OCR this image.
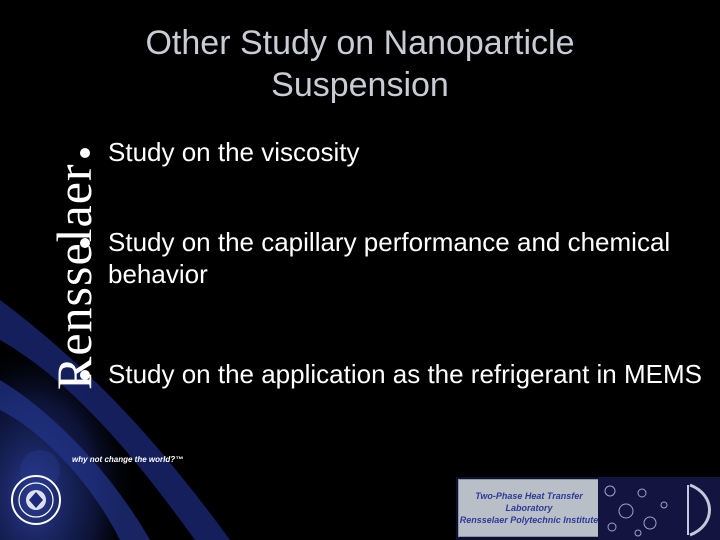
Other Study on Nanoparticle
Suspension
Study on the viscosity
Study on the capillary performance and chemical behavior
Study on the application as the refrigerant in MEMS
Rensselaer
why not change the world?™
Two-Phase Heat Transfer
Laboratory
Rensselaer Polytechnic Institute
